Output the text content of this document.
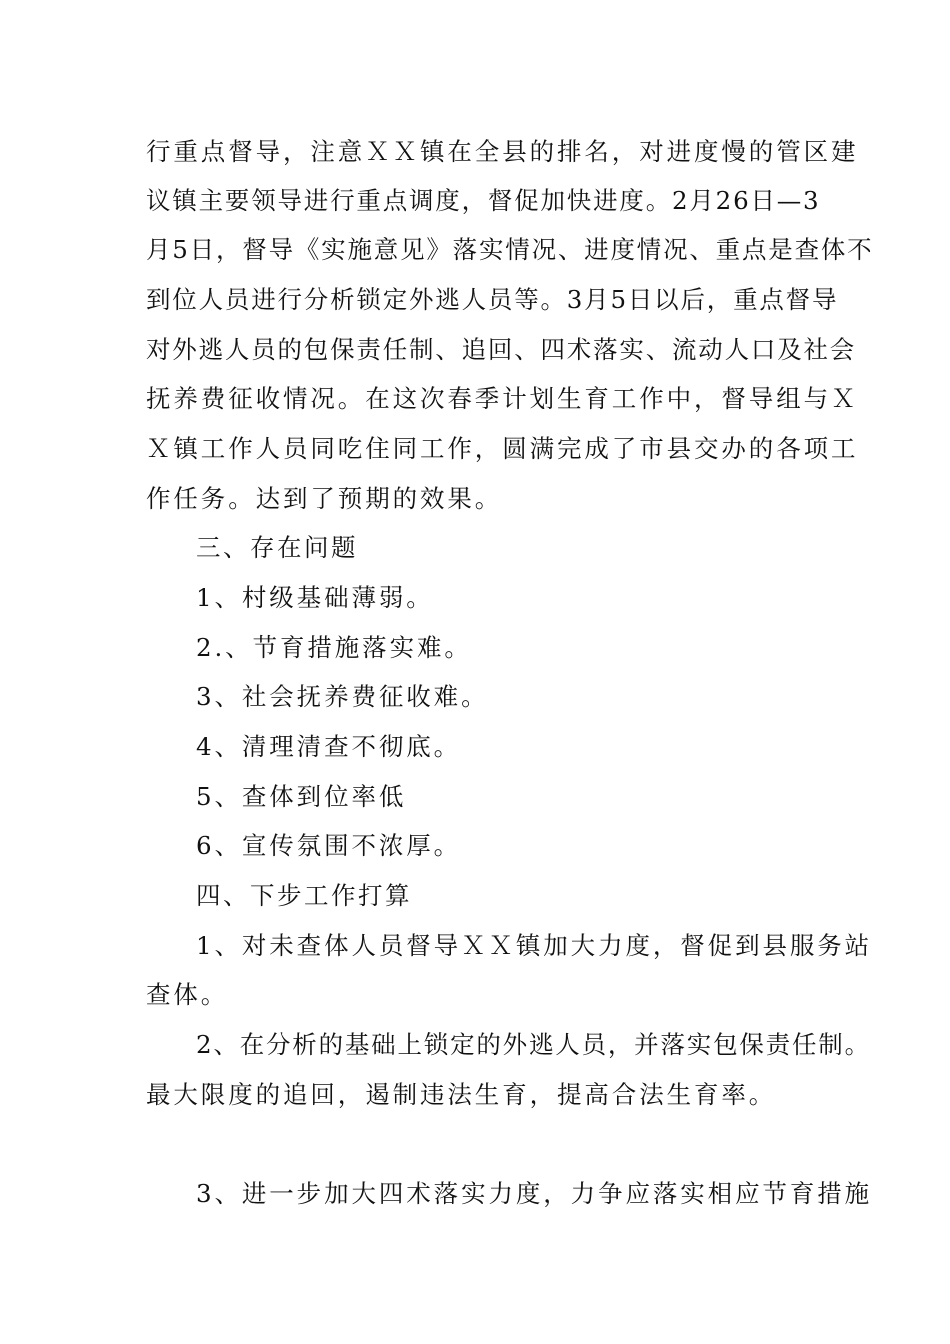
行重点督导，注意ＸＸ镇在全县的排名，对进度慢的管区建
议镇主要领导进行重点调度，督促加快进度。2月26日—3
月5日，督导《实施意见》落实情况、进度情况、重点是查体不
到位人员进行分析锁定外逃人员等。3月5日以后，重点督导
对外逃人员的包保责任制、追回、四术落实、流动人口及社会
抚养费征收情况。在这次春季计划生育工作中，督导组与Ｘ
Ｘ镇工作人员同吃住同工作，圆满完成了市县交办的各项工
作任务。达到了预期的效果。
三、存在问题
1、村级基础薄弱。
2.、节育措施落实难。
3、社会抚养费征收难。
4、清理清查不彻底。
5、查体到位率低
6、宣传氛围不浓厚。
四、下步工作打算
1、对未查体人员督导ＸＸ镇加大力度，督促到县服务站
查体。
2、在分析的基础上锁定的外逃人员，并落实包保责任制。
最大限度的追回，遏制违法生育，提高合法生育率。
3、进一步加大四术落实力度，力争应落实相应节育措施
